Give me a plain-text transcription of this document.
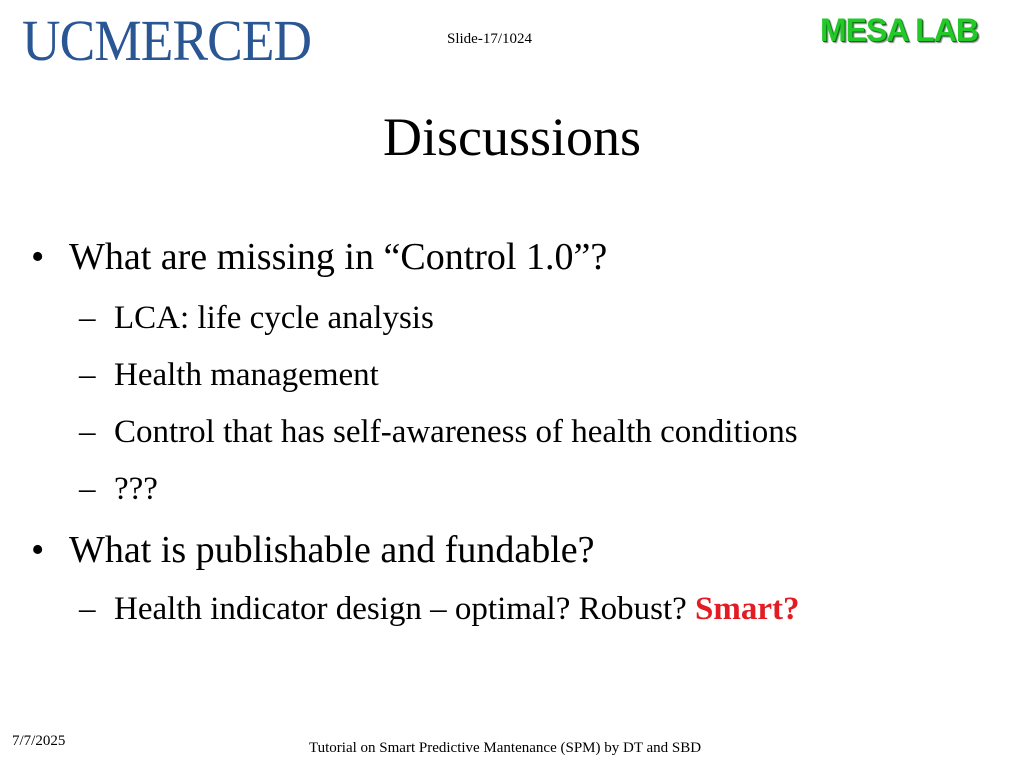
UCMERCED	Slide-17/1024	MESA LAB
Discussions
• What are missing in “Control 1.0”?
– LCA: life cycle analysis
– Health management
– Control that has self-awareness of health conditions
– ???
• What is publishable and fundable?
– Health indicator design – optimal? Robust? Smart?
7/7/2025	Tutorial on Smart Predictive Mantenance (SPM) by DT and SBD
